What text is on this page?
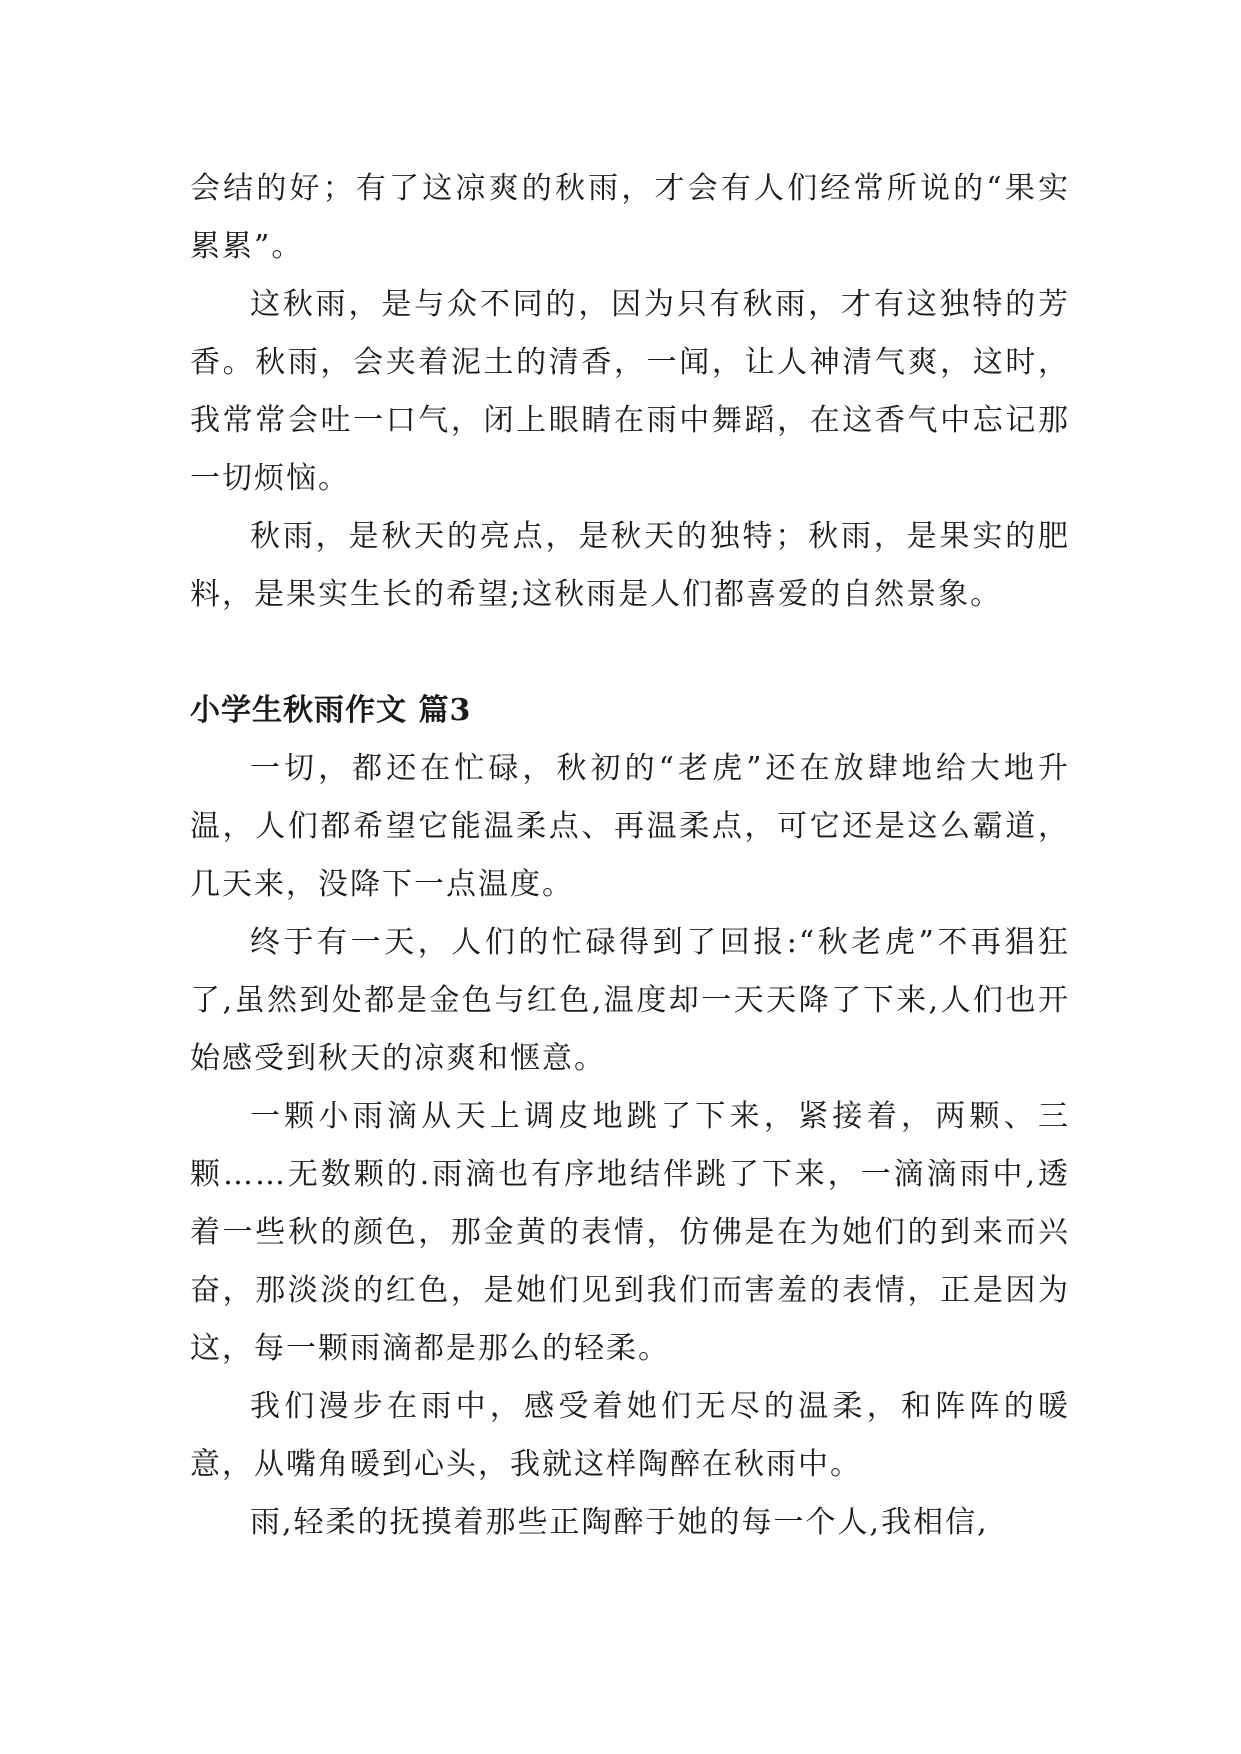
会结的好；有了这凉爽的秋雨，才会有人们经常所说的“果实累累”。

这秋雨，是与众不同的，因为只有秋雨，才有这独特的芳香。秋雨，会夹着泥土的清香，一闻，让人神清气爽，这时，我常常会吐一口气，闭上眼睛在雨中舞蹈，在这香气中忘记那一切烦恼。

秋雨，是秋天的亮点，是秋天的独特；秋雨，是果实的肥料，是果实生长的希望;这秋雨是人们都喜爱的自然景象。

小学生秋雨作文 篇3

一切，都还在忙碌，秋初的“老虎”还在放肆地给大地升温，人们都希望它能温柔点、再温柔点，可它还是这么霸道，几天来，没降下一点温度。

终于有一天，人们的忙碌得到了回报:“秋老虎”不再猖狂了,虽然到处都是金色与红色,温度却一天天降了下来,人们也开始感受到秋天的凉爽和惬意。

一颗小雨滴从天上调皮地跳了下来，紧接着，两颗、三颗……无数颗的.雨滴也有序地结伴跳了下来，一滴滴雨中,透着一些秋的颜色，那金黄的表情，仿佛是在为她们的到来而兴奋，那淡淡的红色，是她们见到我们而害羞的表情，正是因为这，每一颗雨滴都是那么的轻柔。

我们漫步在雨中，感受着她们无尽的温柔，和阵阵的暖意，从嘴角暖到心头，我就这样陶醉在秋雨中。

雨,轻柔的抚摸着那些正陶醉于她的每一个人,我相信,
